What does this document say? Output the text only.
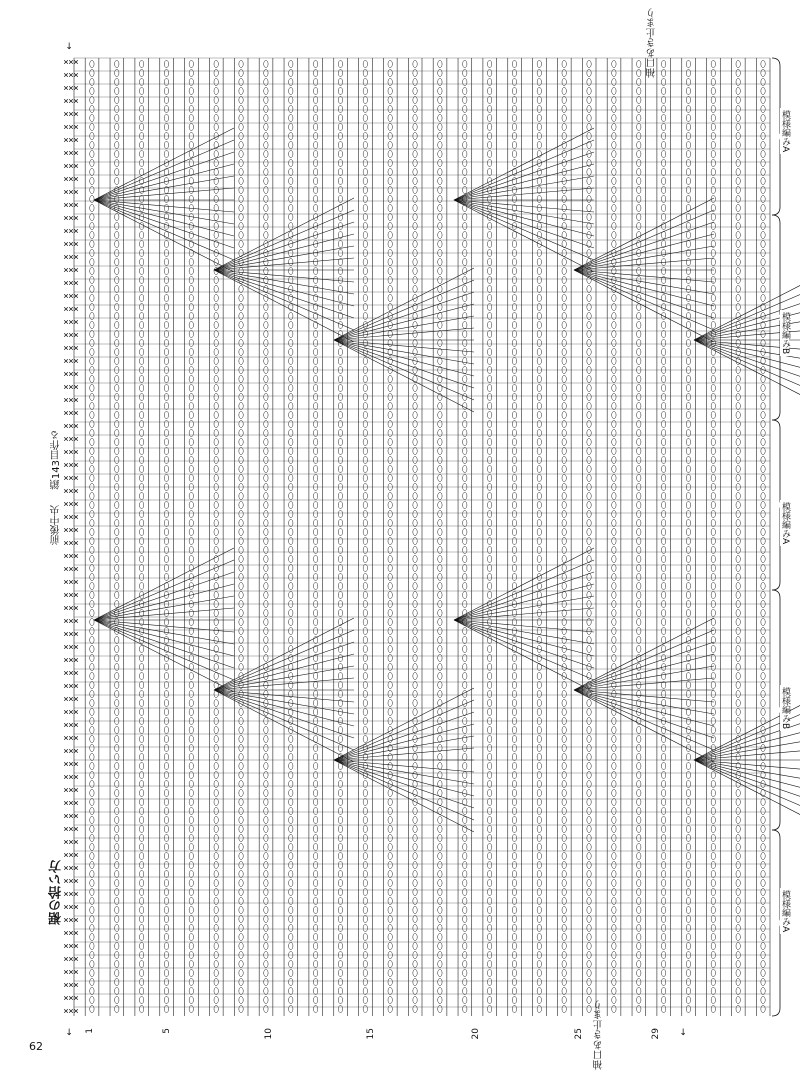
鎖143目作る
前後中央
裾の拾い方
袖口あき止まり
袖口あき止まり
模様編みA
模様編みB
模様編みA
模様編みB
模様編みA
1	5	10	15	20	25	29
←
←	←
62
